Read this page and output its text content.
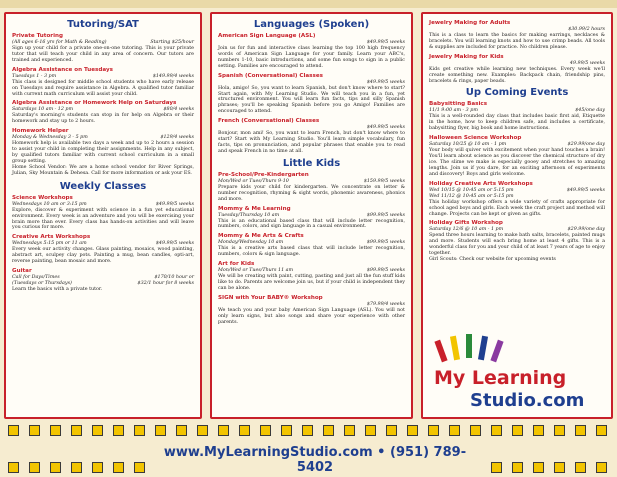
Tutoring/SAT
Private Tutoring
(All ages 6-16 yrs for Math & Reading)	Starting $25/hour
Sign up your child for a private one-on-one tutoring. This is your private tutor that will teach your child in any area of concern. Our tutors are trained and experienced.
Algebra Assistance on Tuesdays
Tuesdays 1 - 3 pm	$149.99/4 weeks
This class is designed for middle school students who have early release on Tuesdays and require assistance in Algebra. A qualified tutor familiar with current math curriculum will assist your child.
Algebra Assistance or Homework Help on Saturdays
Saturdays 10 am - 12 pm	$80/4 weeks
Saturday's morning's students can stop in for help on Algebra or their homework and stay up to 2 hours.
Homework Helper
Monday & Wednesday 3 - 5 pm	$129/4 weeks
Homework help is available two days a week and up to 2 hours a session to assist your child in completing their assignments. Help in any subject, by qualified tutors familiar with current school curriculum in a small group setting.
Home School Vendor: We are a home school vendor for River Springs, Julian, Sky Mountain & Dehesa. Call for more information or ask your ES.
Weekly Classes
Science Workshops
Wednesdays 10 am or 3:15 pm	$49.99/5 weeks
Explore, discover & experiment with science in a fun yet educational environment. Every week is an adventure and you will be exercising your brain more than ever. Every class has hands-on activities and will leave you curious for more.
Creative Arts Workshops
Wednesdays 5:15 pm or 11 am	$49.99/5 weeks
Every week our activity changes. Glass painting, mosaics, wood painting, abstract art, sculpey clay pots. Painting a mug, bean candles, opti-art, reverse painting, bean mosaic and more.
Guitar
Call for Days/Times	$170/10 hour or
(Tuesdays or Thursdays)	$32/1 hour for 8 weeks
Learn the basics with a private tutor.
Languages (Spoken)
American Sign Language (ASL)
$49.99/5 weeks
Join us for fun and interactive class learning the top 100 high frequency words of American Sign Language for your family. Learn your ABC's, numbers 1-10, basic introductions, and some fun songs to sign in a public setting. Families are encouraged to attend.
Spanish (Conversational) Classes
$49.99/5 weeks
Hola, amigo! So, you want to learn Spanish, but don't know where to start? Start again, with My Learning Studio. We will teach you in a fun, yet structured environment. You will learn fun facts, tips and silly Spanish phrases; you'll be speaking Spanish before you go Amigo! Families are encouraged to attend.
French (Conversational) Classes
$49.99/5 weeks
Bonjour, mon ami! So, you want to learn French, but don't know where to start? Start with My Learning Studio. You'll learn simple vocabulary, fun facts, tips on pronunciation, and popular phrases that enable you to read and speak French in no time at all.
Little Kids
Pre-School/Pre-Kindergarten
Mon/Wed or Tues/Thurs 9-10	$159.99/5 weeks
Prepare kids your child for kindergarten. We concentrate on letter & number recognition, rhyming & sight words, phonemic awareness, phonics and more.
Mommy & Me Learning
Tuesday/Thursday 10 am	$99.99/5 weeks
This is an educational based class that will include letter recognition, numbers, colors, and sign language in a casual environment.
Mommy & Me Arts & Crafts
Monday/Wednesday 10 am	$99.99/5 weeks
This is a creative arts based class that will include letter recognition, numbers, colors & sign language.
Art for Kids
Mon/Wed or Tues/Thurs 11 am	$99.99/5 weeks
We will be creating with paint, cutting, pasting and just all the fun stuff kids like to do. Parents are welcome join us, but if your child is independent they can be alone.
SIGN with Your BABY® Workshop
$79.99/4 weeks
We teach you and your baby American Sign Language (ASL). You will not only learn signs, but also songs and share your experience with other parents.
Jewelry Making for Adults
$30.99/2 hours
This is a class to learn the basics for making earrings, necklaces & bracelets. You will learning knots and how to use crimp beads. All tools & supplies are included for practice. No children please.
Jewelry Making for Kids
49.99/5 weeks
Kids get creative while learning new techniques. Every week we'll create something new. Examples: Backpack chain, friendship pins, bracelets & rings, paper beads.
Up Coming Events
Babysitting Basics
11/1 9:00 am - 3 pm	$45/one day
This is a well-rounded day class that includes basic first aid, Etiquette in the home, how to keep children safe, and includes a certificate, babysitting flyer, big book and home instructions.
Halloween Science Workshop
Saturday 10/25 @ 10 am - 1 pm	$29.99/one day
Your body will quiver with excitement when your hand touches a brain! You'll learn about science as you discover the chemical structure of dry ice. The slime we make is especially gooey and stretches to amazing lengths. Join us if you dare, for an exciting afternoon of experiments and discovery! Boys and girls welcome.
Holiday Creative Arts Workshops
Wed 10/15 @ 10:45 am or 5:15 pm	$49.99/5 weeks
Wed 11/12 @ 10:45 am or 5:15 pm
This holiday workshop offers a wide variety of crafts appropriate for school aged boys and girls. Each week the craft project and method will change. Projects can be kept or given as gifts.
Holiday Gifts Workshop
Saturday 12/6 @ 10 am - 1 pm	$29.99/one day
Spend three hours learning to make bath salts, bracelets, painted mugs and more. Students will each bring home at least 4 gifts. This is a wonderful class for you and your child of at least 7 years of age to enjoy together.
Girl Scouts: Check our website for upcoming events
My Learning
Studio.com
www.MyLearningStudio.com • (951) 789-5402
